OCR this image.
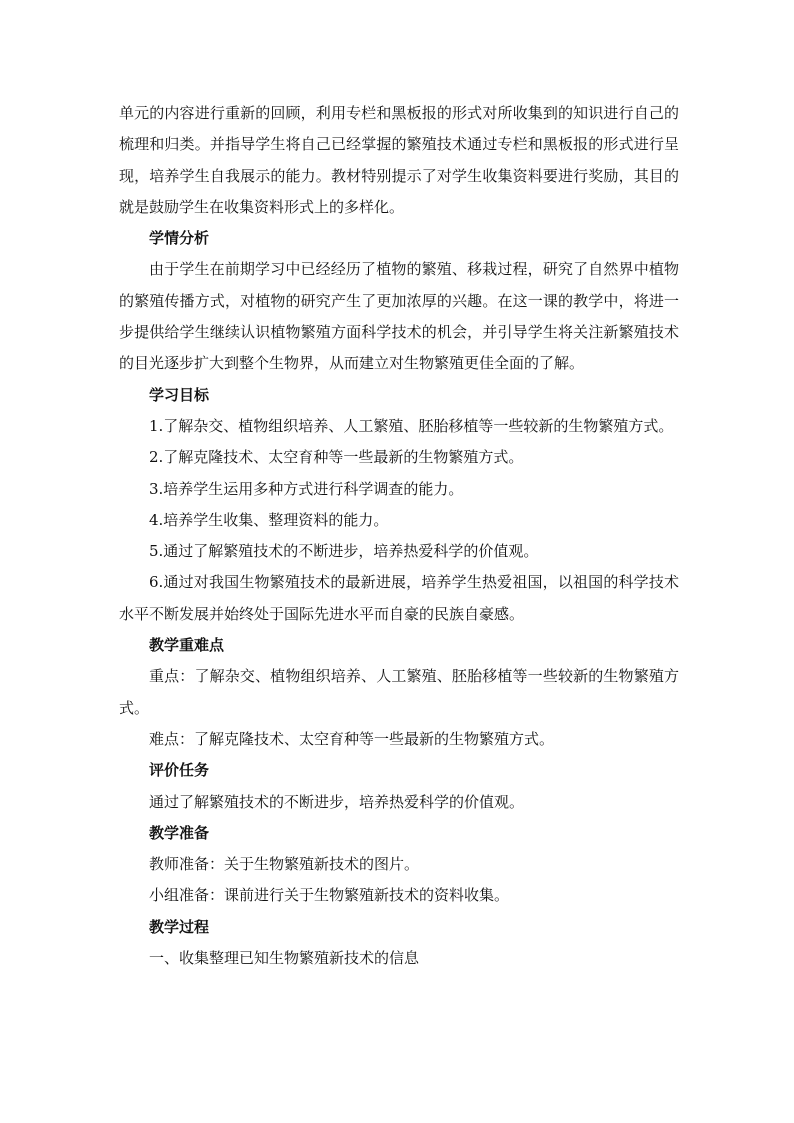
单元的内容进行重新的回顾，利用专栏和黑板报的形式对所收集到的知识进行自己的梳理和归类。并指导学生将自己已经掌握的繁殖技术通过专栏和黑板报的形式进行呈现，培养学生自我展示的能力。教材特别提示了对学生收集资料要进行奖励，其目的就是鼓励学生在收集资料形式上的多样化。

学情分析

由于学生在前期学习中已经经历了植物的繁殖、移栽过程，研究了自然界中植物的繁殖传播方式，对植物的研究产生了更加浓厚的兴趣。在这一课的教学中，将进一步提供给学生继续认识植物繁殖方面科学技术的机会，并引导学生将关注新繁殖技术的目光逐步扩大到整个生物界，从而建立对生物繁殖更佳全面的了解。

学习目标

1.了解杂交、植物组织培养、人工繁殖、胚胎移植等一些较新的生物繁殖方式。

2.了解克隆技术、太空育种等一些最新的生物繁殖方式。

3.培养学生运用多种方式进行科学调查的能力。

4.培养学生收集、整理资料的能力。

5.通过了解繁殖技术的不断进步，培养热爱科学的价值观。

6.通过对我国生物繁殖技术的最新进展，培养学生热爱祖国，以祖国的科学技术水平不断发展并始终处于国际先进水平而自豪的民族自豪感。

教学重难点

重点：了解杂交、植物组织培养、人工繁殖、胚胎移植等一些较新的生物繁殖方式。

难点：了解克隆技术、太空育种等一些最新的生物繁殖方式。

评价任务

通过了解繁殖技术的不断进步，培养热爱科学的价值观。

教学准备

教师准备：关于生物繁殖新技术的图片。

小组准备：课前进行关于生物繁殖新技术的资料收集。

教学过程

一、收集整理已知生物繁殖新技术的信息
